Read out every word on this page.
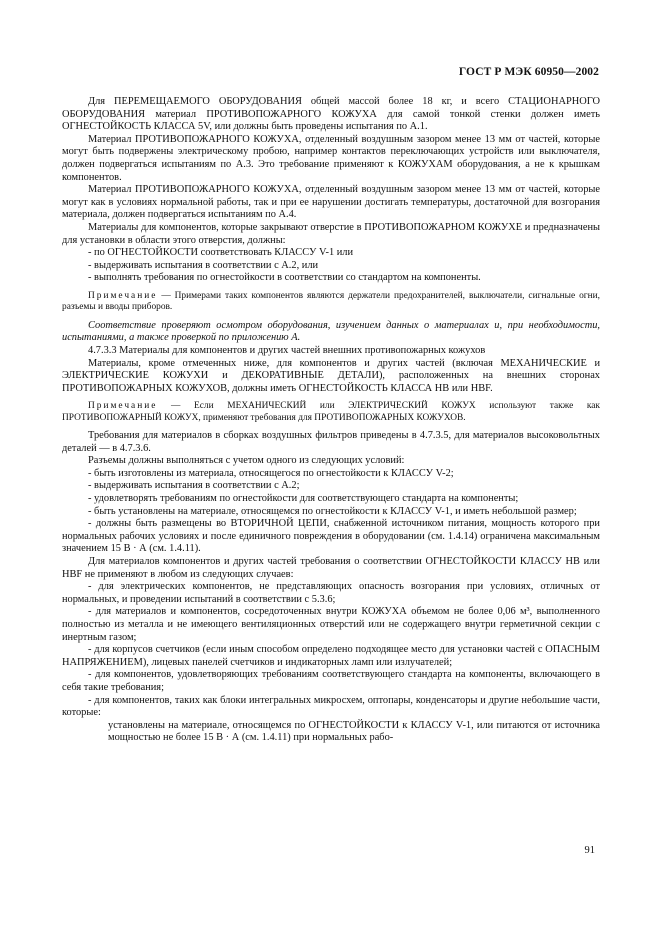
ГОСТ Р МЭК 60950—2002

Для ПЕРЕМЕЩАЕМОГО ОБОРУДОВАНИЯ общей массой более 18 кг, и всего СТАЦИОНАРНОГО ОБОРУДОВАНИЯ материал ПРОТИВОПОЖАРНОГО КОЖУХА для самой тонкой стенки должен иметь ОГНЕСТОЙКОСТЬ КЛАССА 5V, или должны быть проведены испытания по А.1.

Материал ПРОТИВОПОЖАРНОГО КОЖУХА, отделенный воздушным зазором менее 13 мм от частей, которые могут быть подвержены электрическому пробою, например контактов переключающих устройств или выключателя, должен подвергаться испытаниям по А.3. Это требование применяют к КОЖУХАМ оборудования, а не к крышкам компонентов.

Материал ПРОТИВОПОЖАРНОГО КОЖУХА, отделенный воздушным зазором менее 13 мм от частей, которые могут как в условиях нормальной работы, так и при ее нарушении достигать температуры, достаточной для возгорания материала, должен подвергаться испытаниям по А.4.

Материалы для компонентов, которые закрывают отверстие в ПРОТИВОПОЖАРНОМ КОЖУХЕ и предназначены для установки в области этого отверстия, должны:

- по ОГНЕСТОЙКОСТИ соответствовать КЛАССУ V-1 или

- выдерживать испытания в соответствии с А.2, или

- выполнять требования по огнестойкости в соответствии со стандартом на компоненты.

Примечание — Примерами таких компонентов являются держатели предохранителей, выключатели, сигнальные огни, разъемы и вводы приборов.

Соответствие проверяют осмотром оборудования, изучением данных о материалах и, при необходимости, испытаниями, а также проверкой по приложению А.

4.7.3.3 Материалы для компонентов и других частей внешних противопожарных кожухов

Материалы, кроме отмеченных ниже, для компонентов и других частей (включая МЕХАНИЧЕСКИЕ и ЭЛЕКТРИЧЕСКИЕ КОЖУХИ и ДЕКОРАТИВНЫЕ ДЕТАЛИ), расположенных на внешних сторонах ПРОТИВОПОЖАРНЫХ КОЖУХОВ, должны иметь ОГНЕСТОЙКОСТЬ КЛАССА НВ или НВF.

Примечание — Если МЕХАНИЧЕСКИЙ или ЭЛЕКТРИЧЕСКИЙ КОЖУХ используют также как ПРОТИВОПОЖАРНЫЙ КОЖУХ, применяют требования для ПРОТИВОПОЖАРНЫХ КОЖУХОВ.

Требования для материалов в сборках воздушных фильтров приведены в 4.7.3.5, для материалов высоковольтных деталей — в 4.7.3.6.

Разъемы должны выполняться с учетом одного из следующих условий:

- быть изготовлены из материала, относящегося по огнестойкости к КЛАССУ V-2;

- выдерживать испытания в соответствии с А.2;

- удовлетворять требованиям по огнестойкости для соответствующего стандарта на компоненты;

- быть установлены на материале, относящемся по огнестойкости к КЛАССУ V-1, и иметь небольшой размер;

- должны быть размещены во ВТОРИЧНОЙ ЦЕПИ, снабженной источником питания, мощность которого при нормальных рабочих условиях и после единичного повреждения в оборудовании (см. 1.4.14) ограничена максимальным значением 15 В · А (см. 1.4.11).

Для материалов компонентов и других частей требования о соответствии ОГНЕСТОЙКОСТИ КЛАССУ НВ или НВF не применяют в любом из следующих случаев:

- для электрических компонентов, не представляющих опасность возгорания при условиях, отличных от нормальных, и проведении испытаний в соответствии с 5.3.6;

- для материалов и компонентов, сосредоточенных внутри КОЖУХА объемом не более 0,06 м³, выполненного полностью из металла и не имеющего вентиляционных отверстий или не содержащего внутри герметичной секции с инертным газом;

- для корпусов счетчиков (если иным способом определено подходящее место для установки частей с ОПАСНЫМ НАПРЯЖЕНИЕМ), лицевых панелей счетчиков и индикаторных ламп или излучателей;

- для компонентов, удовлетворяющих требованиям соответствующего стандарта на компоненты, включающего в себя такие требования;

- для компонентов, таких как блоки интегральных микросхем, оптопары, конденсаторы и другие небольшие части, которые:

установлены на материале, относящемся по ОГНЕСТОЙКОСТИ к КЛАССУ V-1, или питаются от источника мощностью не более 15 В · А (см. 1.4.11) при нормальных рабо-

91
